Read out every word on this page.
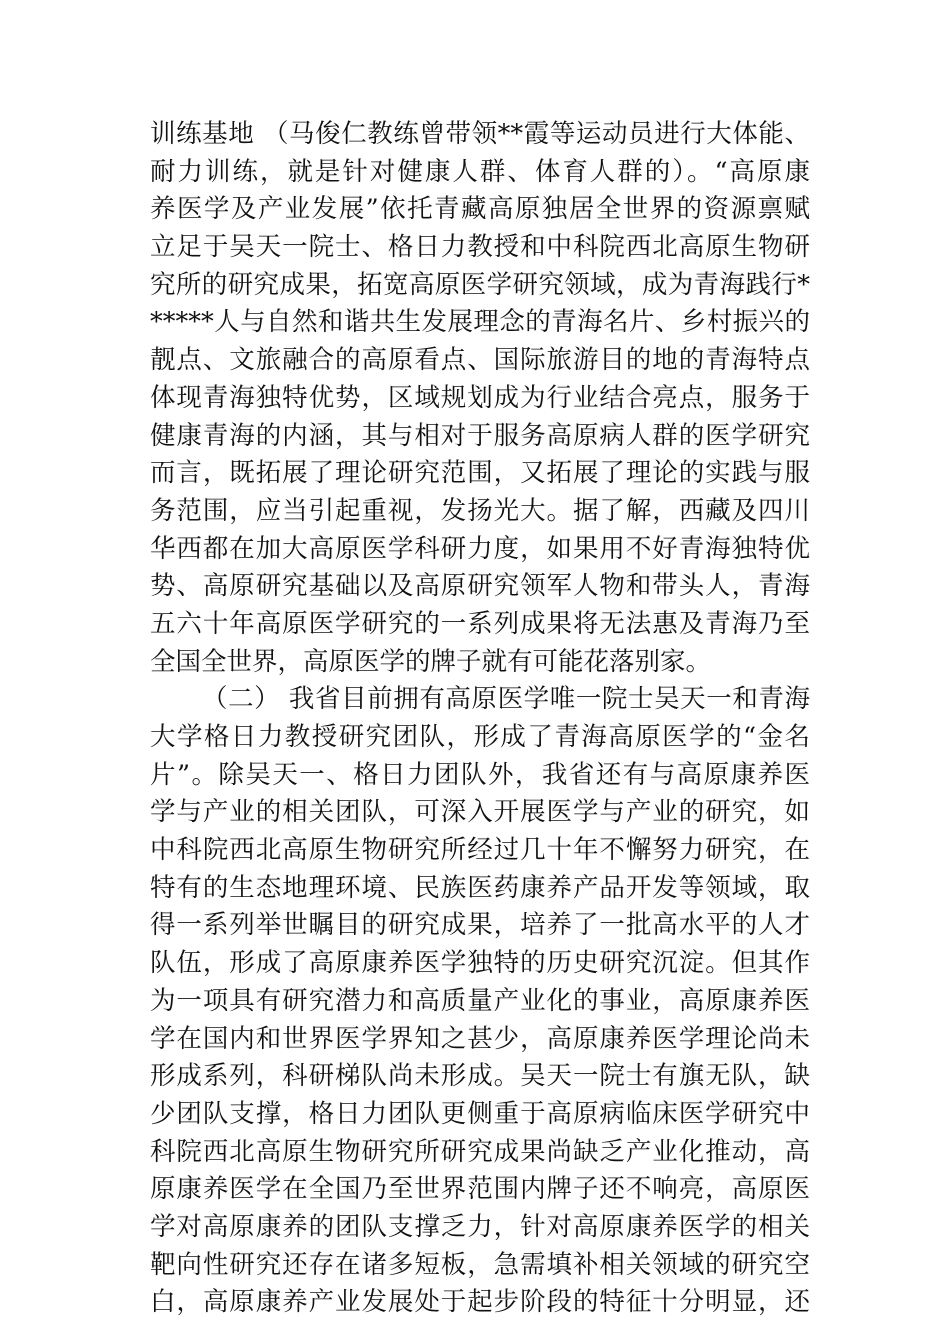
训练基地 （马俊仁教练曾带领**霞等运动员进行大体能、
耐力训练，就是针对健康人群、体育人群的）。“高原康
养医学及产业发展”依托青藏高原独居全世界的资源禀赋
立足于吴天一院士、格日力教授和中科院西北高原生物研
究所的研究成果，拓宽高原医学研究领域，成为青海践行*
*****人与自然和谐共生发展理念的青海名片、乡村振兴的
靓点、文旅融合的高原看点、国际旅游目的地的青海特点
体现青海独特优势，区域规划成为行业结合亮点，服务于
健康青海的内涵，其与相对于服务高原病人群的医学研究
而言，既拓展了理论研究范围，又拓展了理论的实践与服
务范围，应当引起重视，发扬光大。据了解，西藏及四川
华西都在加大高原医学科研力度，如果用不好青海独特优
势、高原研究基础以及高原研究领军人物和带头人，青海
五六十年高原医学研究的一系列成果将无法惠及青海乃至
全国全世界，高原医学的牌子就有可能花落别家。
（二） 我省目前拥有高原医学唯一院士吴天一和青海
大学格日力教授研究团队，形成了青海高原医学的“金名
片”。除吴天一、格日力团队外，我省还有与高原康养医
学与产业的相关团队，可深入开展医学与产业的研究，如
中科院西北高原生物研究所经过几十年不懈努力研究，在
特有的生态地理环境、民族医药康养产品开发等领域，取
得一系列举世瞩目的研究成果，培养了一批高水平的人才
队伍，形成了高原康养医学独特的历史研究沉淀。但其作
为一项具有研究潜力和高质量产业化的事业，高原康养医
学在国内和世界医学界知之甚少，高原康养医学理论尚未
形成系列，科研梯队尚未形成。吴天一院士有旗无队，缺
少团队支撑，格日力团队更侧重于高原病临床医学研究中
科院西北高原生物研究所研究成果尚缺乏产业化推动，高
原康养医学在全国乃至世界范围内牌子还不响亮，高原医
学对高原康养的团队支撑乏力，针对高原康养医学的相关
靶向性研究还存在诸多短板，急需填补相关领域的研究空
白，高原康养产业发展处于起步阶段的特征十分明显，还
